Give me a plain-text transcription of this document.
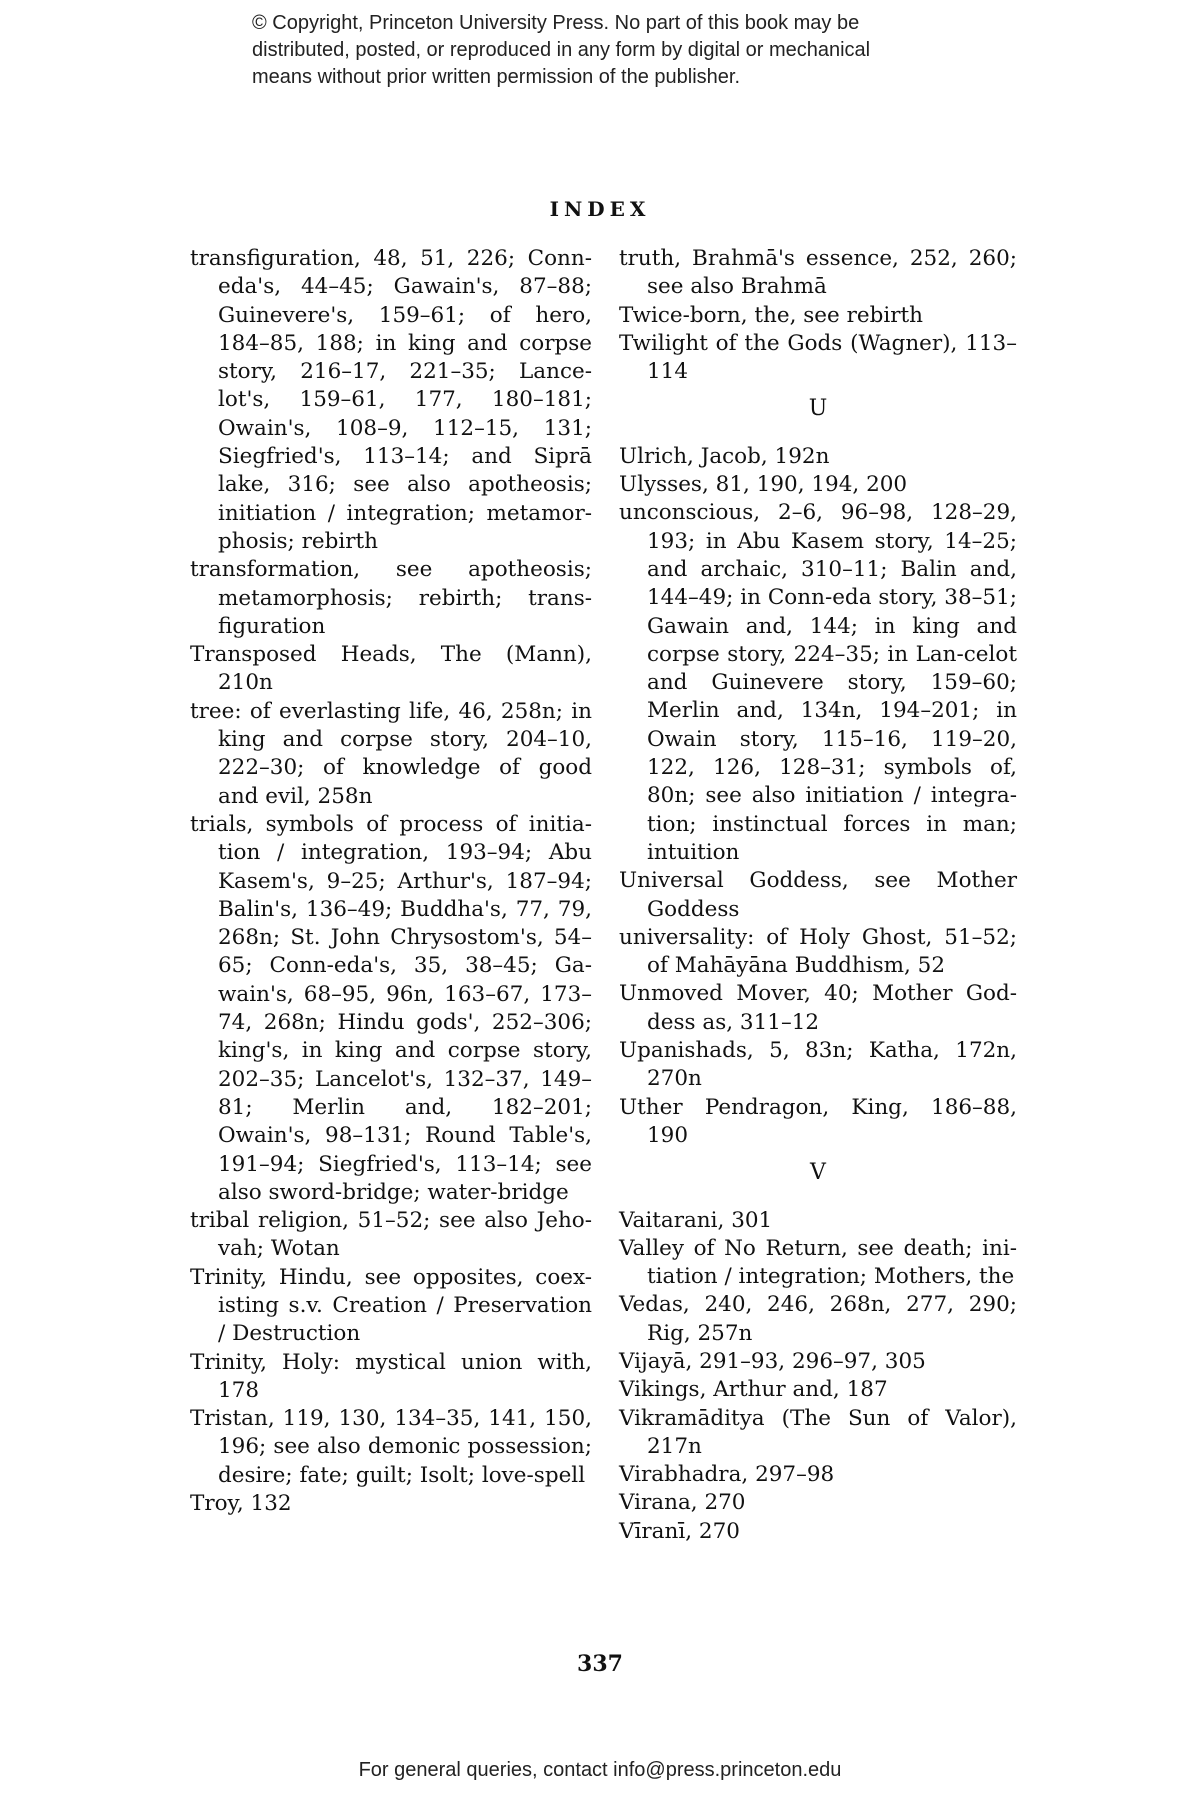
© Copyright, Princeton University Press. No part of this book may be
distributed, posted, or reproduced in any form by digital or mechanical
means without prior written permission of the publisher.
INDEX

transfiguration, 48, 51, 226; Conn-eda's, 44–45; Gawain's, 87–88; Guinevere's, 159–61; of hero, 184–85, 188; in king and corpse story, 216–17, 221–35; Lance-lot's, 159–61, 177, 180–181; Owain's, 108–9, 112–15, 131; Siegfried's, 113–14; and Siprā lake, 316; see also apotheosis; initiation / integration; metamor-phosis; rebirth

transformation, see apotheosis; metamorphosis; rebirth; trans-figuration

Transposed Heads, The (Mann), 210n

tree: of everlasting life, 46, 258n; in king and corpse story, 204–10, 222–30; of knowledge of good and evil, 258n

trials, symbols of process of initia-tion / integration, 193–94; Abu Kasem's, 9–25; Arthur's, 187–94; Balin's, 136–49; Buddha's, 77, 79, 268n; St. John Chrysostom's, 54–65; Conn-eda's, 35, 38–45; Ga-wain's, 68–95, 96n, 163–67, 173–74, 268n; Hindu gods', 252–306; king's, in king and corpse story, 202–35; Lancelot's, 132–37, 149–81; Merlin and, 182–201; Owain's, 98–131; Round Table's, 191–94; Siegfried's, 113–14; see also sword-bridge; water-bridge

tribal religion, 51–52; see also Jeho-vah; Wotan

Trinity, Hindu, see opposites, coex-isting s.v. Creation / Preservation / Destruction

Trinity, Holy: mystical union with, 178

Tristan, 119, 130, 134–35, 141, 150, 196; see also demonic possession; desire; fate; guilt; Isolt; love-spell

Troy, 132

truth, Brahmā's essence, 252, 260; see also Brahmā

Twice-born, the, see rebirth

Twilight of the Gods (Wagner), 113–114

U

Ulrich, Jacob, 192n

Ulysses, 81, 190, 194, 200

unconscious, 2–6, 96–98, 128–29, 193; in Abu Kasem story, 14–25; and archaic, 310–11; Balin and, 144–49; in Conn-eda story, 38–51; Gawain and, 144; in king and corpse story, 224–35; in Lan-celot and Guinevere story, 159–60; Merlin and, 134n, 194–201; in Owain story, 115–16, 119–20, 122, 126, 128–31; symbols of, 80n; see also initiation / integra-tion; instinctual forces in man; intuition

Universal Goddess, see Mother Goddess

universality: of Holy Ghost, 51–52; of Mahāyāna Buddhism, 52

Unmoved Mover, 40; Mother God-dess as, 311–12

Upanishads, 5, 83n; Katha, 172n, 270n

Uther Pendragon, King, 186–88, 190

V

Vaitarani, 301

Valley of No Return, see death; ini-tiation / integration; Mothers, the

Vedas, 240, 246, 268n, 277, 290; Rig, 257n

Vijayā, 291–93, 296–97, 305

Vikings, Arthur and, 187

Vikramāditya (The Sun of Valor), 217n

Virabhadra, 297–98

Virana, 270

Vīranī, 270

337
For general queries, contact info@press.princeton.edu
